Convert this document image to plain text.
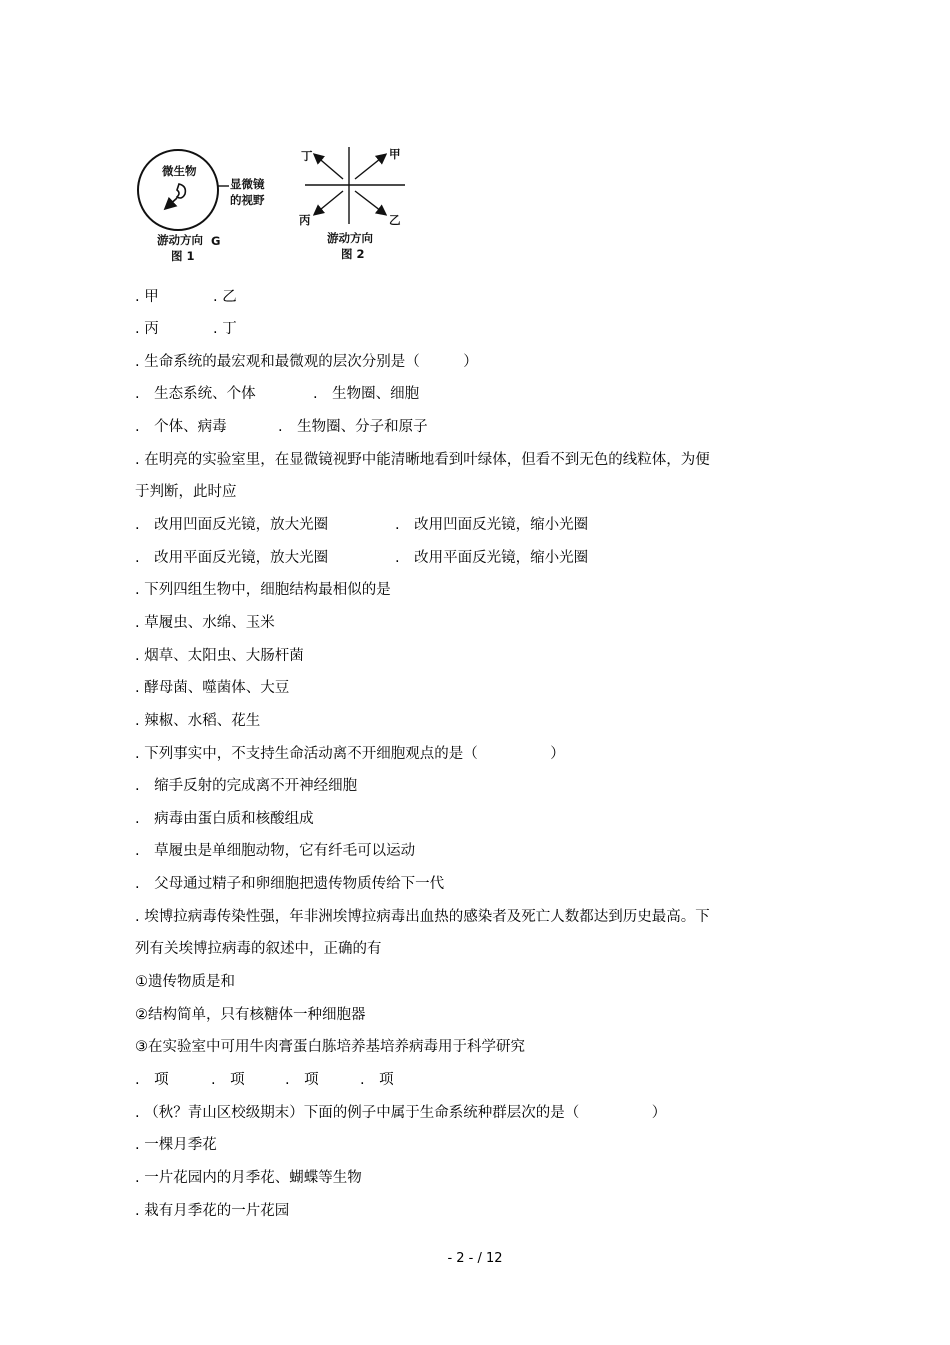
微生物
显微镜
的视野
游动方向 G
图 1
丁	甲
丙	乙
游动方向
图 2
. 甲	. 乙
. 丙	. 丁
. 生命系统的最宏观和最微观的层次分别是（　　　）
.　生态系统、个体	.　生物圈、细胞
.　个体、病毒	.　生物圈、分子和原子
. 在明亮的实验室里，在显微镜视野中能清晰地看到叶绿体，但看不到无色的线粒体，为便
于判断，此时应
.　改用凹面反光镜，放大光圈	.　改用凹面反光镜，缩小光圈
.　改用平面反光镜，放大光圈	.　改用平面反光镜，缩小光圈
. 下列四组生物中，细胞结构最相似的是
. 草履虫、水绵、玉米
. 烟草、太阳虫、大肠杆菌
. 酵母菌、噬菌体、大豆
. 辣椒、水稻、花生
. 下列事实中，不支持生命活动离不开细胞观点的是（　　　　　）
.　缩手反射的完成离不开神经细胞
.　病毒由蛋白质和核酸组成
.　草履虫是单细胞动物，它有纤毛可以运动
.　父母通过精子和卵细胞把遗传物质传给下一代
. 埃博拉病毒传染性强，年非洲埃博拉病毒出血热的感染者及死亡人数都达到历史最高。下
列有关埃博拉病毒的叙述中，正确的有
①遗传物质是和
②结构简单，只有核糖体一种细胞器
③在实验室中可用牛肉膏蛋白胨培养基培养病毒用于科学研究
.　项	.　项	.　项	.　项
. （秋？青山区校级期末）下面的例子中属于生命系统种群层次的是（　　　　　）
. 一棵月季花
. 一片花园内的月季花、蝴蝶等生物
. 栽有月季花的一片花园
- 2 - / 12
